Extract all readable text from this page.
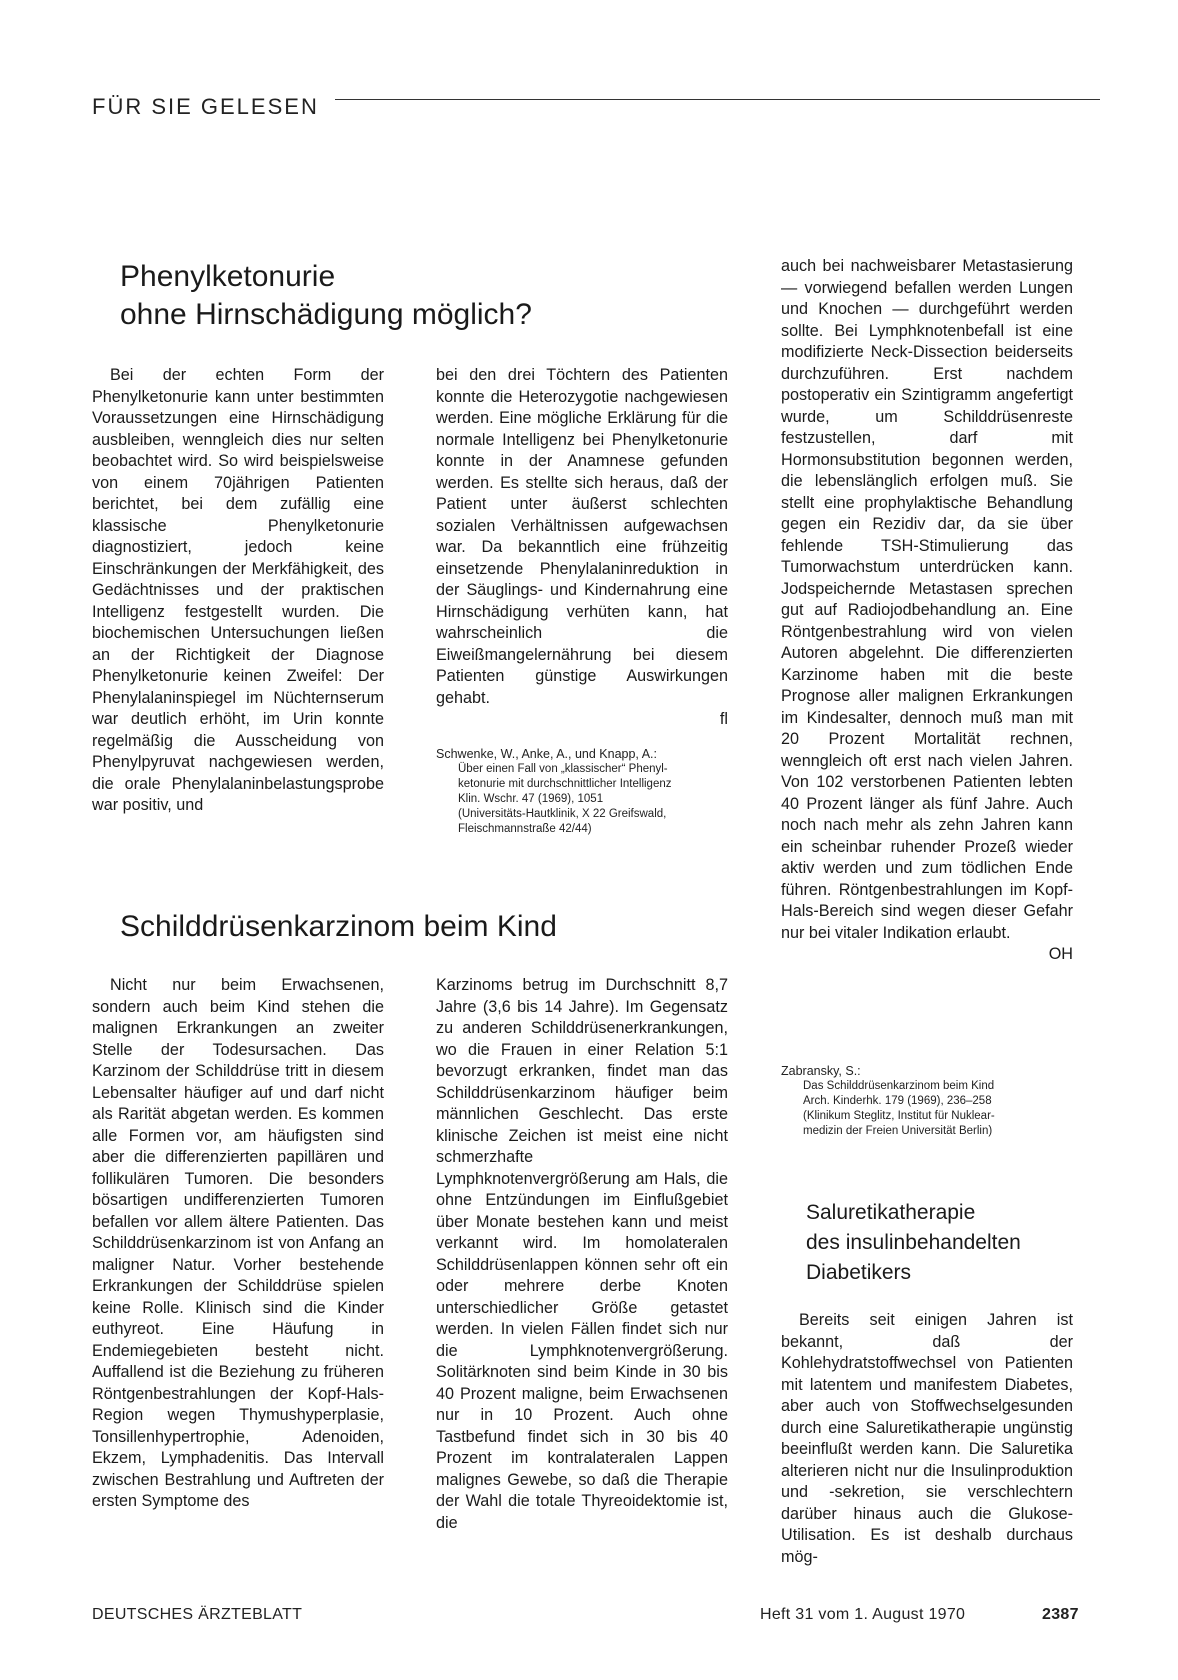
FÜR SIE GELESEN
Phenylketonurie
ohne Hirnschädigung möglich?

Bei der echten Form der Phenylketonurie kann unter bestimmten Voraussetzungen eine Hirnschädigung ausbleiben, wenngleich dies nur selten beobachtet wird. So wird beispielsweise von einem 70jährigen Patienten berichtet, bei dem zufällig eine klassische Phenylketonurie diagnostiziert, jedoch keine Einschränkungen der Merkfähigkeit, des Gedächtnisses und der praktischen Intelligenz festgestellt wurden. Die biochemischen Untersuchungen ließen an der Richtigkeit der Diagnose Phenylketonurie keinen Zweifel: Der Phenylalaninspiegel im Nüchternserum war deutlich erhöht, im Urin konnte regelmäßig die Ausscheidung von Phenylpyruvat nachgewiesen werden, die orale Phenylalaninbelastungsprobe war positiv, und

bei den drei Töchtern des Patienten konnte die Heterozygotie nachgewiesen werden. Eine mögliche Erklärung für die normale Intelligenz bei Phenylketonurie konnte in der Anamnese gefunden werden. Es stellte sich heraus, daß der Patient unter äußerst schlechten sozialen Verhältnissen aufgewachsen war. Da bekanntlich eine frühzeitig einsetzende Phenylalaninreduktion in der Säuglings- und Kindernahrung eine Hirnschädigung verhüten kann, hat wahrscheinlich die Eiweißmangelernährung bei diesem Patienten günstige Auswirkungen gehabt.

fl

Schwenke, W., Anke, A., und Knapp, A.:
Über einen Fall von „klassischer“ Phenyl-
ketonurie mit durchschnittlicher Intelligenz
Klin. Wschr. 47 (1969), 1051
(Universitäts-Hautklinik, X 22 Greifswald,
Fleischmannstraße 42/44)
Schilddrüsenkarzinom beim Kind

Nicht nur beim Erwachsenen, sondern auch beim Kind stehen die malignen Erkrankungen an zweiter Stelle der Todesursachen. Das Karzinom der Schilddrüse tritt in diesem Lebensalter häufiger auf und darf nicht als Rarität abgetan werden. Es kommen alle Formen vor, am häufigsten sind aber die differenzierten papillären und follikulären Tumoren. Die besonders bösartigen undifferenzierten Tumoren befallen vor allem ältere Patienten. Das Schilddrüsenkarzinom ist von Anfang an maligner Natur. Vorher bestehende Erkrankungen der Schilddrüse spielen keine Rolle. Klinisch sind die Kinder euthyreot. Eine Häufung in Endemiegebieten besteht nicht. Auffallend ist die Beziehung zu früheren Röntgenbestrahlungen der Kopf-Hals-Region wegen Thymushyperplasie, Tonsillenhypertrophie, Adenoiden, Ekzem, Lymphadenitis. Das Intervall zwischen Bestrahlung und Auftreten der ersten Symptome des

Karzinoms betrug im Durchschnitt 8,7 Jahre (3,6 bis 14 Jahre). Im Gegensatz zu anderen Schilddrüsenerkrankungen, wo die Frauen in einer Relation 5:1 bevorzugt erkranken, findet man das Schilddrüsenkarzinom häufiger beim männlichen Geschlecht. Das erste klinische Zeichen ist meist eine nicht schmerzhafte Lymphknotenvergrößerung am Hals, die ohne Entzündungen im Einflußgebiet über Monate bestehen kann und meist verkannt wird. Im homolateralen Schilddrüsenlappen können sehr oft ein oder mehrere derbe Knoten unterschiedlicher Größe getastet werden. In vielen Fällen findet sich nur die Lymphknotenvergrößerung. Solitärknoten sind beim Kinde in 30 bis 40 Prozent maligne, beim Erwachsenen nur in 10 Prozent. Auch ohne Tastbefund findet sich in 30 bis 40 Prozent im kontralateralen Lappen malignes Gewebe, so daß die Therapie der Wahl die totale Thyreoidektomie ist, die

auch bei nachweisbarer Metastasierung — vorwiegend befallen werden Lungen und Knochen — durchgeführt werden sollte. Bei Lymphknotenbefall ist eine modifizierte Neck-Dissection beiderseits durchzuführen. Erst nachdem postoperativ ein Szintigramm angefertigt wurde, um Schilddrüsenreste festzustellen, darf mit Hormonsubstitution begonnen werden, die lebenslänglich erfolgen muß. Sie stellt eine prophylaktische Behandlung gegen ein Rezidiv dar, da sie über fehlende TSH-Stimulierung das Tumorwachstum unterdrücken kann. Jodspeichernde Metastasen sprechen gut auf Radiojodbehandlung an. Eine Röntgenbestrahlung wird von vielen Autoren abgelehnt. Die differenzierten Karzinome haben mit die beste Prognose aller malignen Erkrankungen im Kindesalter, dennoch muß man mit 20 Prozent Mortalität rechnen, wenngleich oft erst nach vielen Jahren. Von 102 verstorbenen Patienten lebten 40 Prozent länger als fünf Jahre. Auch noch nach mehr als zehn Jahren kann ein scheinbar ruhender Prozeß wieder aktiv werden und zum tödlichen Ende führen. Röntgenbestrahlungen im Kopf-Hals-Bereich sind wegen dieser Gefahr nur bei vitaler Indikation erlaubt.

OH

Zabransky, S.:
Das Schilddrüsenkarzinom beim Kind
Arch. Kinderhk. 179 (1969), 236–258
(Klinikum Steglitz, Institut für Nuklear-
medizin der Freien Universität Berlin)
Saluretikatherapie
des insulinbehandelten
Diabetikers

Bereits seit einigen Jahren ist bekannt, daß der Kohlehydratstoffwechsel von Patienten mit latentem und manifestem Diabetes, aber auch von Stoffwechselgesunden durch eine Saluretikatherapie ungünstig beeinflußt werden kann. Die Saluretika alterieren nicht nur die Insulinproduktion und -sekretion, sie verschlechtern darüber hinaus auch die Glukose-Utilisation. Es ist deshalb durchaus mög-

DEUTSCHES ÄRZTEBLATT	Heft 31 vom 1. August 1970	2387
